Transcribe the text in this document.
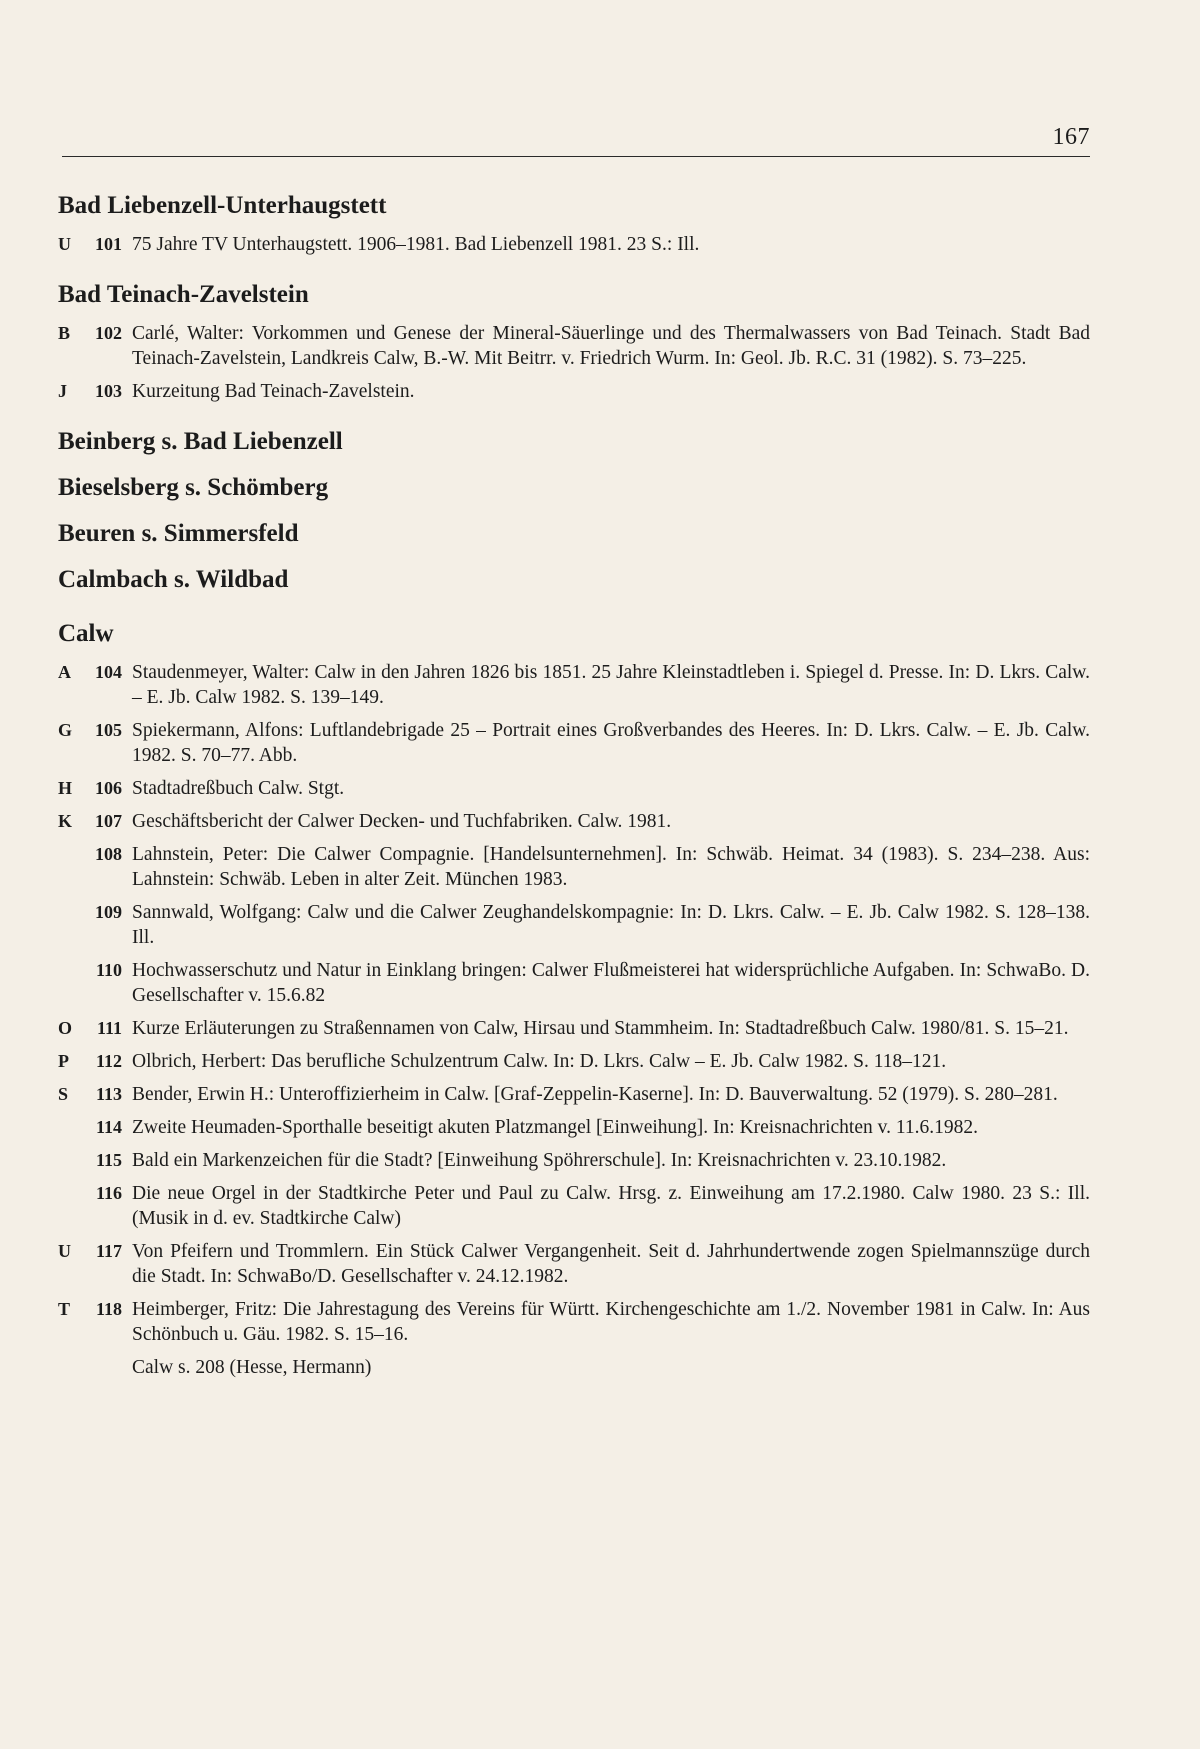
167
Bad Liebenzell-Unterhaugstett
U	101 75 Jahre TV Unterhaugstett. 1906–1981. Bad Liebenzell 1981. 23 S.: Ill.
Bad Teinach-Zavelstein
B	102 Carlé, Walter: Vorkommen und Genese der Mineral-Säuerlinge und des Thermalwassers von Bad Teinach. Stadt Bad Teinach-Zavelstein, Landkreis Calw, B.-W. Mit Beitrr. v. Friedrich Wurm. In: Geol. Jb. R.C. 31 (1982). S. 73–225.
J	103 Kurzeitung Bad Teinach-Zavelstein.
Beinberg s. Bad Liebenzell
Bieselsberg s. Schömberg
Beuren s. Simmersfeld
Calmbach s. Wildbad
Calw
A	104 Staudenmeyer, Walter: Calw in den Jahren 1826 bis 1851. 25 Jahre Kleinstadtleben i. Spiegel d. Presse. In: D. Lkrs. Calw. – E. Jb. Calw 1982. S. 139–149.
G	105 Spiekermann, Alfons: Luftlandebrigade 25 – Portrait eines Großverbandes des Heeres. In: D. Lkrs. Calw. – E. Jb. Calw. 1982. S. 70–77. Abb.
H	106 Stadtadreßbuch Calw. Stgt.
K	107 Geschäftsbericht der Calwer Decken- und Tuchfabriken. Calw. 1981.
108 Lahnstein, Peter: Die Calwer Compagnie. [Handelsunternehmen]. In: Schwäb. Heimat. 34 (1983). S. 234–238. Aus: Lahnstein: Schwäb. Leben in alter Zeit. München 1983.
109 Sannwald, Wolfgang: Calw und die Calwer Zeughandelskompagnie: In: D. Lkrs. Calw. – E. Jb. Calw 1982. S. 128–138. Ill.
110 Hochwasserschutz und Natur in Einklang bringen: Calwer Flußmeisterei hat widersprüchliche Aufgaben. In: SchwaBo. D. Gesellschafter v. 15.6.82
O	111 Kurze Erläuterungen zu Straßennamen von Calw, Hirsau und Stammheim. In: Stadtadreßbuch Calw. 1980/81. S. 15–21.
P	112 Olbrich, Herbert: Das berufliche Schulzentrum Calw. In: D. Lkrs. Calw – E. Jb. Calw 1982. S. 118–121.
S	113 Bender, Erwin H.: Unteroffizierheim in Calw. [Graf-Zeppelin-Kaserne]. In: D. Bauverwaltung. 52 (1979). S. 280–281.
114 Zweite Heumaden-Sporthalle beseitigt akuten Platzmangel [Einweihung]. In: Kreisnachrichten v. 11.6.1982.
115 Bald ein Markenzeichen für die Stadt? [Einweihung Spöhrerschule]. In: Kreisnachrichten v. 23.10.1982.
116 Die neue Orgel in der Stadtkirche Peter und Paul zu Calw. Hrsg. z. Einweihung am 17.2.1980. Calw 1980. 23 S.: Ill. (Musik in d. ev. Stadtkirche Calw)
U	117 Von Pfeifern und Trommlern. Ein Stück Calwer Vergangenheit. Seit d. Jahrhundertwende zogen Spielmannszüge durch die Stadt. In: SchwaBo/D. Gesellschafter v. 24.12.1982.
T	118 Heimberger, Fritz: Die Jahrestagung des Vereins für Württ. Kirchengeschichte am 1./2. November 1981 in Calw. In: Aus Schönbuch u. Gäu. 1982. S. 15–16.
Calw s. 208 (Hesse, Hermann)
